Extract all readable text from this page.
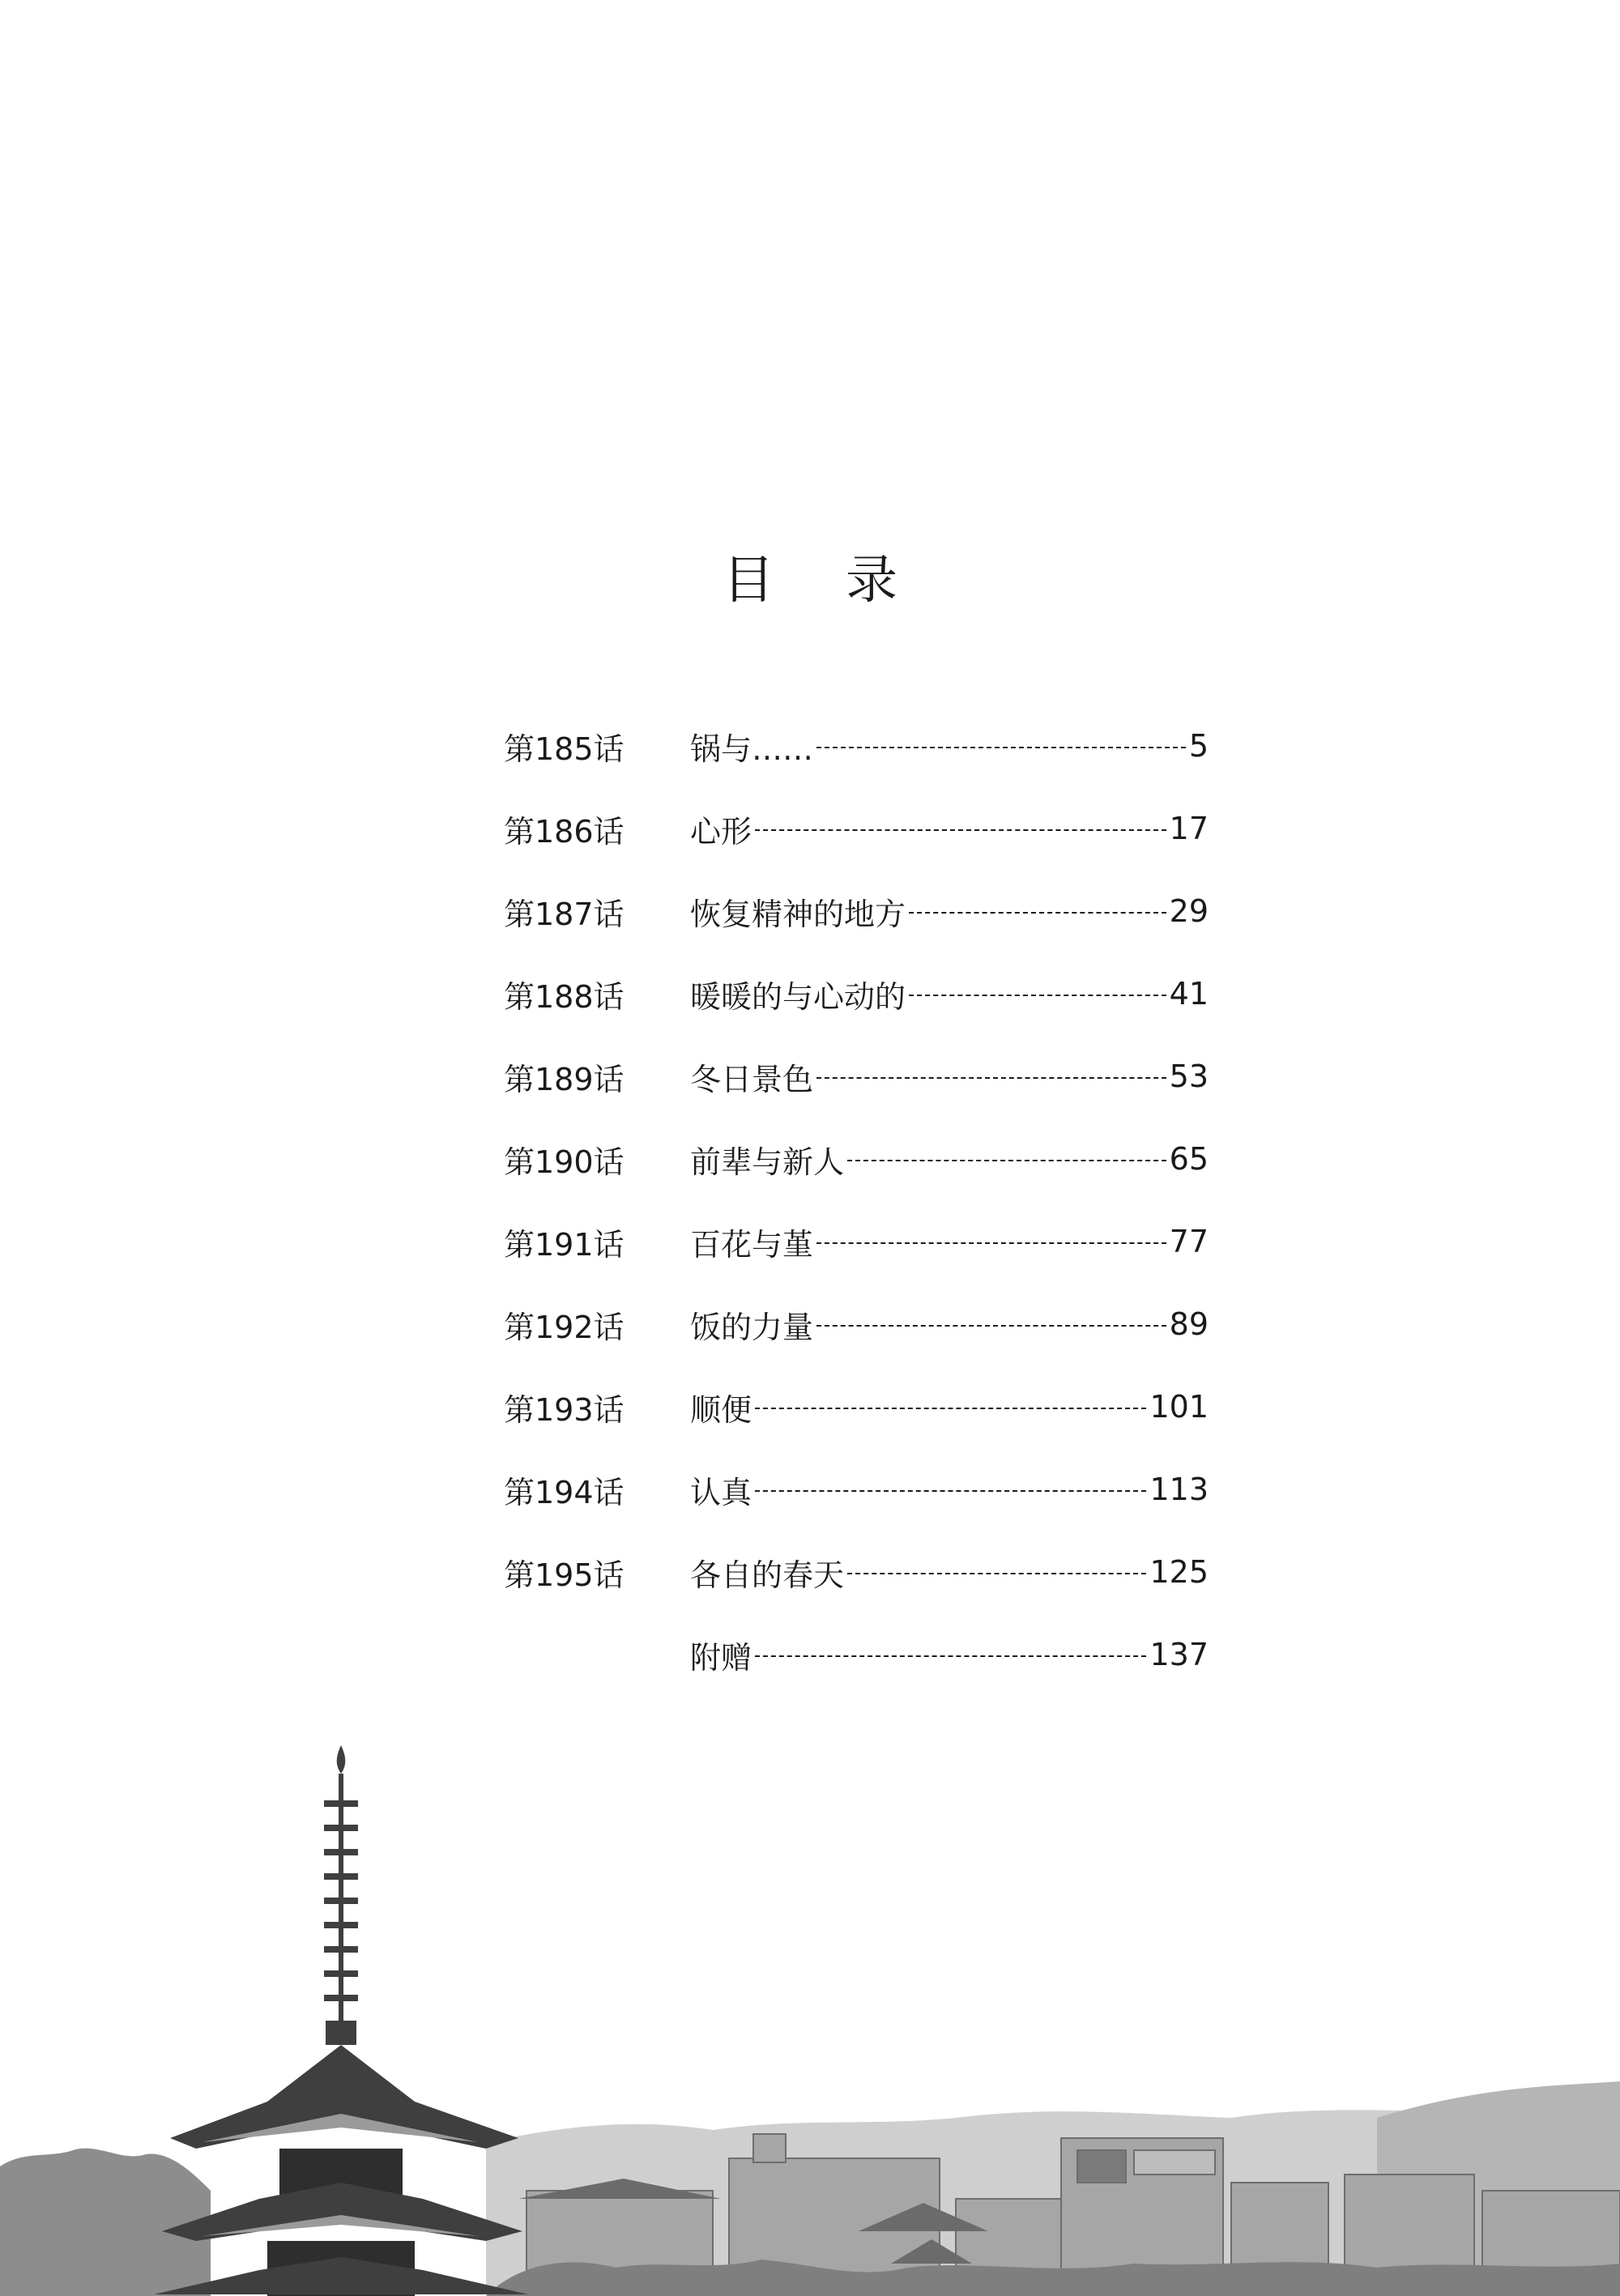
目 录
第185话	锅与……	5
第186话	心形	17
第187话	恢复精神的地方	29
第188话	暖暖的与心动的	41
第189话	冬日景色	53
第190话	前辈与新人	65
第191话	百花与堇	77
第192话	饭的力量	89
第193话	顺便	101
第194话	认真	113
第195话	各自的春天	125
附赠	137
